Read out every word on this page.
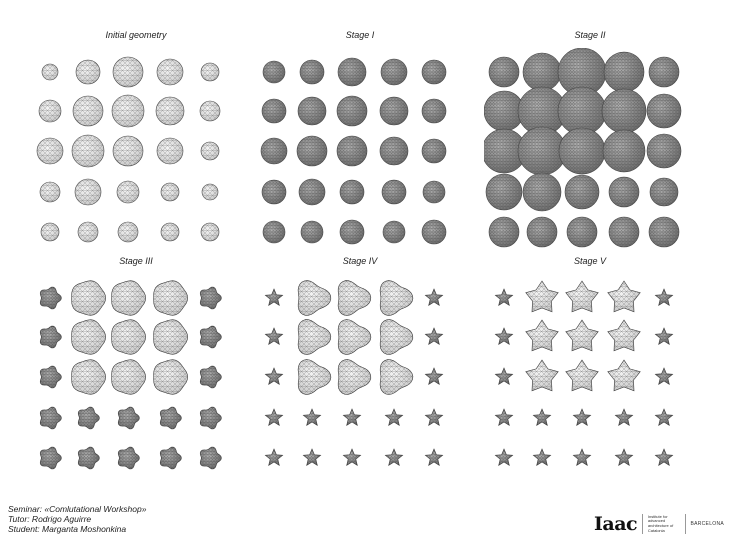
Initial geometry	Stage I	Stage II
Stage III	Stage IV	Stage V
Seminar: «Comlutational Workshop»
Tutor: Rodrigo Aguirre
Student: Marganta Moshonkina	Iaac	Institute for advanced architecture of Catalonia
BARCELONA
